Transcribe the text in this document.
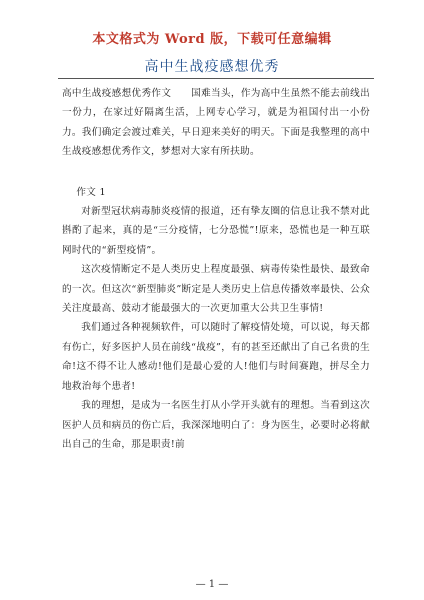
本文格式为 Word 版，下载可任意编辑
高中生战疫感想优秀

高中生战疫感想优秀作文　　国难当头，作为高中生虽然不能去前线出一份力，在家过好隔离生活，上网专心学习，就是为祖国付出一小份力。我们确定会渡过难关，早日迎来美好的明天。下面是我整理的高中生战疫感想优秀作文，梦想对大家有所扶助。

作文 1

对新型冠状病毒肺炎疫情的报道，还有挚友圈的信息让我不禁对此斟酌了起来，真的是“三分疫情，七分恐慌”!原来，恐慌也是一种互联网时代的“新型疫情”。

这次疫情断定不是人类历史上程度最强、病毒传染性最快、最致命的一次。但这次“新型肺炎”断定是人类历史上信息传播效率最快、公众关注度最高、鼓动才能最强大的一次更加重大公共卫生事情!

我们通过各种视频软件，可以随时了解疫情处境，可以说，每天都有伤亡，好多医护人员在前线“战疫”，有的甚至还献出了自己名贵的生命!这不得不让人感动!他们是最心爱的人!他们与时间赛跑，拼尽全力地救治每个患者!

我的理想，是成为一名医生打从小学开头就有的理想。当看到这次医护人员和病员的伤亡后，我深深地明白了：身为医生，必要时必将献出自己的生命，那是职责!前

— 1 —
